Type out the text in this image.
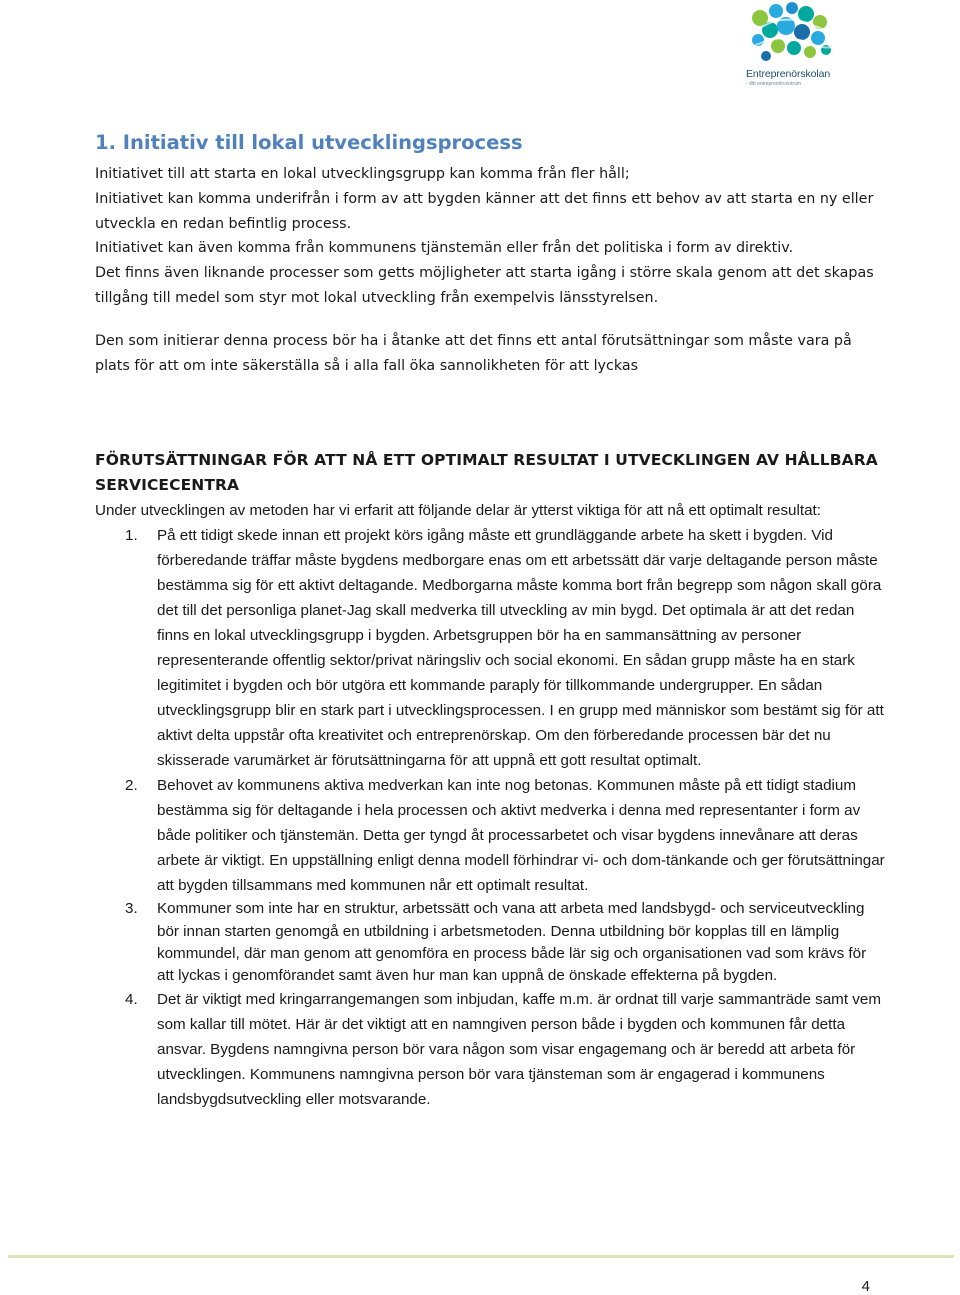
Entreprenörskolan
- ditt entreprenörcentrum
1. Initiativ till lokal utvecklingsprocess

Initiativet till att starta en lokal utvecklingsgrupp kan komma från fler håll;

Initiativet kan komma underifrån i form av att bygden känner att det finns ett behov av att starta en ny eller utveckla en redan befintlig process.

Initiativet kan även komma från kommunens tjänstemän eller från det politiska i form av direktiv.

Det finns även liknande processer som getts möjligheter att starta igång i större skala genom att det skapas tillgång till medel som styr mot lokal utveckling från exempelvis länsstyrelsen.

Den som initierar denna process bör ha i åtanke att det finns ett antal förutsättningar som måste vara på plats för att om inte säkerställa så i alla fall öka sannolikheten för att lyckas

FÖRUTSÄTTNINGAR FÖR ATT NÅ ETT OPTIMALT RESULTAT I UTVECKLINGEN AV HÅLLBARA SERVICECENTRA

Under utvecklingen av metoden har vi erfarit att följande delar är ytterst viktiga för att nå ett optimalt resultat:

1. På ett tidigt skede innan ett projekt körs igång måste ett grundläggande arbete ha skett i bygden. Vid förberedande träffar måste bygdens medborgare enas om ett arbetssätt där varje deltagande person måste bestämma sig för ett aktivt deltagande. Medborgarna måste komma bort från begrepp som någon skall göra det till det personliga planet-Jag skall medverka till utveckling av min bygd. Det optimala är att det redan finns en lokal utvecklingsgrupp i bygden. Arbetsgruppen bör ha en sammansättning av personer representerande offentlig sektor/privat näringsliv och social ekonomi. En sådan grupp måste ha en stark legitimitet i bygden och bör utgöra ett kommande paraply för tillkommande undergrupper. En sådan utvecklingsgrupp blir en stark part i utvecklingsprocessen. I en grupp med människor som bestämt sig för att aktivt delta uppstår ofta kreativitet och entreprenörskap. Om den förberedande processen bär det nu skisserade varumärket är förutsättningarna för att uppnå ett gott resultat optimalt.
2. Behovet av kommunens aktiva medverkan kan inte nog betonas. Kommunen måste på ett tidigt stadium bestämma sig för deltagande i hela processen och aktivt medverka i denna med representanter i form av både politiker och tjänstemän. Detta ger tyngd åt processarbetet och visar bygdens innevånare att deras arbete är viktigt. En uppställning enligt denna modell förhindrar vi- och dom-tänkande och ger förutsättningar att bygden tillsammans med kommunen når ett optimalt resultat.
3. Kommuner som inte har en struktur, arbetssätt och vana att arbeta med landsbygd- och serviceutveckling bör innan starten genomgå en utbildning i arbetsmetoden. Denna utbildning bör kopplas till en lämplig kommundel, där man genom att genomföra en process både lär sig och organisationen vad som krävs för att lyckas i genomförandet samt även hur man kan uppnå de önskade effekterna på bygden.
4. Det är viktigt med kringarrangemangen som inbjudan, kaffe m.m. är ordnat till varje sammanträde samt vem som kallar till mötet. Här är det viktigt att en namngiven person både i bygden och kommunen får detta ansvar. Bygdens namngivna person bör vara någon som visar engagemang och är beredd att arbeta för utvecklingen. Kommunens namngivna person bör vara tjänsteman som är engagerad i kommunens landsbygdsutveckling eller motsvarande.
4
